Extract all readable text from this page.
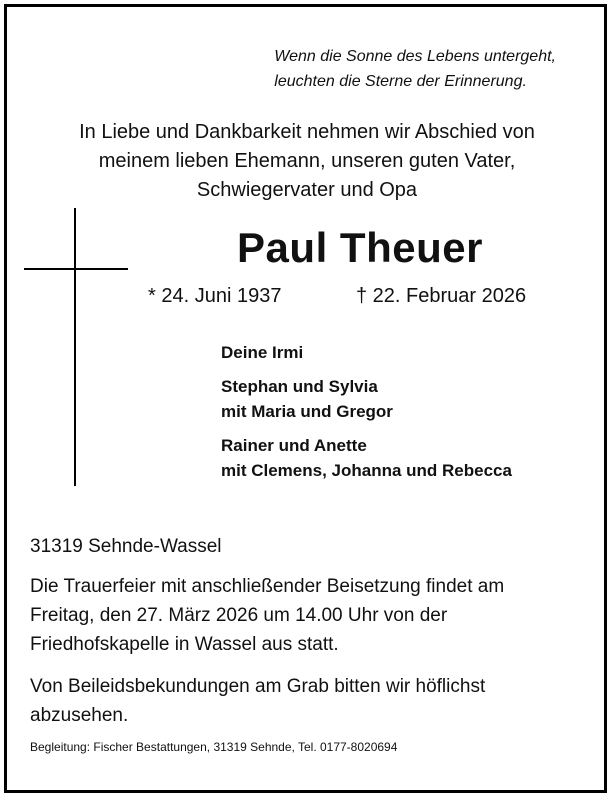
Wenn die Sonne des Lebens untergeht,
leuchten die Sterne der Erinnerung.
In Liebe und Dankbarkeit nehmen wir Abschied von
meinem lieben Ehemann, unseren guten Vater,
Schwiegervater und Opa
Paul Theuer
* 24. Juni 1937	† 22. Februar 2026
Deine Irmi
Stephan und Sylvia
mit Maria und Gregor
Rainer und Anette
mit Clemens, Johanna und Rebecca
31319 Sehnde-Wassel
Die Trauerfeier mit anschließender Beisetzung findet am
Freitag, den 27. März 2026 um 14.00 Uhr von der
Friedhofskapelle in Wassel aus statt.
Von Beileidsbekundungen am Grab bitten wir höflichst
abzusehen.
Begleitung: Fischer Bestattungen, 31319 Sehnde, Tel. 0177-8020694
